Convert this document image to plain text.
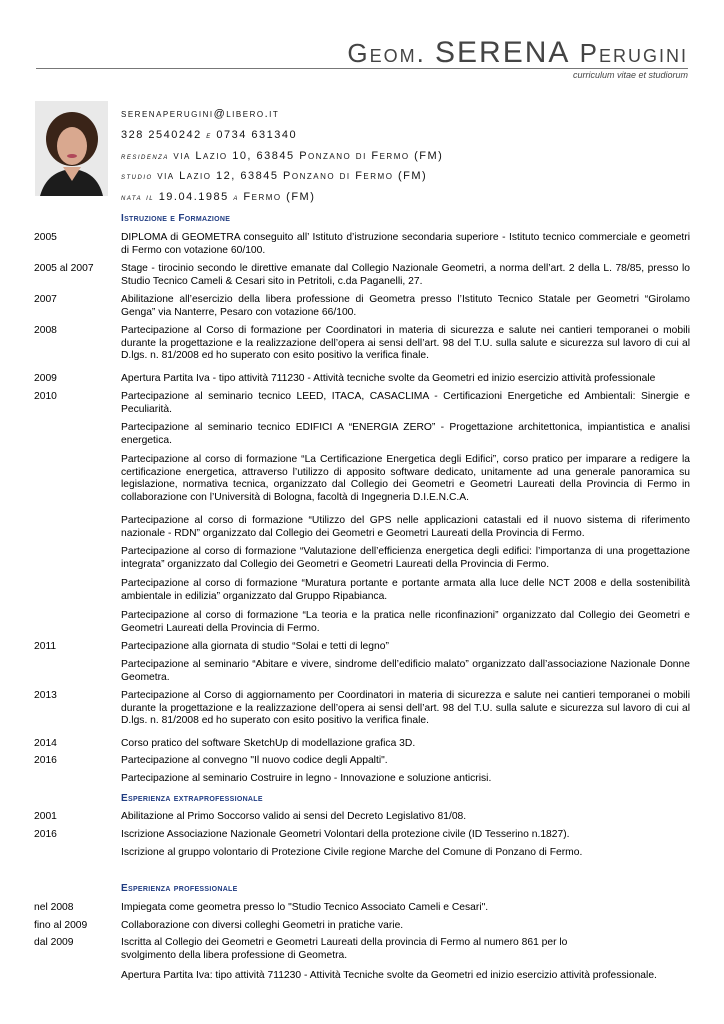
Geom. SERENA Perugini
curriculum vitae et studiorum
serenaperugini@libero.it
328 2540242 e 0734 631340
residenza via Lazio 10, 63845 Ponzano di Fermo (FM)
studio via Lazio 12, 63845 Ponzano di Fermo (FM)
nata il 19.04.1985 a Fermo (FM)
Istruzione e Formazione
2005	DIPLOMA di GEOMETRA conseguito all’ Istituto d’istruzione secondaria superiore - Istituto tecnico commerciale e geometri di Fermo con votazione 60/100.
2005 al 2007	Stage - tirocinio secondo le direttive emanate dal Collegio Nazionale Geometri, a norma dell’art. 2 della L. 78/85, presso lo Studio Tecnico Cameli & Cesari sito in Petritoli, c.da Paganelli, 27.
2007	Abilitazione all’esercizio della libera professione di Geometra presso l’Istituto Tecnico Statale per Geometri “Girolamo Genga” via Nanterre, Pesaro con votazione 66/100.
2008	Partecipazione al Corso di formazione per Coordinatori in materia di sicurezza e salute nei cantieri temporanei o mobili durante la progettazione e la realizzazione dell’opera ai sensi dell’art. 98 del T.U. sulla salute e sicurezza sul lavoro di cui al D.lgs. n. 81/2008 ed ho superato con esito positivo la verifica finale.
2009	Apertura Partita Iva - tipo attività 711230 - Attività tecniche svolte da Geometri ed inizio esercizio attività professionale
2010	Partecipazione al seminario tecnico LEED, ITACA, CASACLIMA - Certificazioni Energetiche ed Ambientali: Sinergie e Peculiarità.
Partecipazione al seminario tecnico EDIFICI A “ENERGIA ZERO” - Progettazione architettonica, impiantistica e analisi energetica.
Partecipazione al corso di formazione “La Certificazione Energetica degli Edifici”, corso pratico per imparare a redigere la certificazione energetica, attraverso l’utilizzo di apposito software dedicato, unitamente ad una generale panoramica su legislazione, normativa tecnica, organizzato dal Collegio dei Geometri e Geometri Laureati della Provincia di Fermo in collaborazione con l’Università di Bologna, facoltà di Ingegneria D.I.E.N.C.A.
Partecipazione al corso di formazione “Utilizzo del GPS nelle applicazioni catastali ed il nuovo sistema di riferimento nazionale - RDN” organizzato dal Collegio dei Geometri e Geometri Laureati della Provincia di Fermo.
Partecipazione al corso di formazione “Valutazione dell’efficienza energetica degli edifici: l’importanza di una progettazione integrata” organizzato dal Collegio dei Geometri e Geometri Laureati della Provincia di Fermo.
Partecipazione al corso di formazione “Muratura portante e portante armata alla luce delle NCT 2008 e della sostenibilità ambientale in edilizia” organizzato dal Gruppo Ripabianca.
Partecipazione al corso di formazione “La teoria e la pratica nelle riconfinazioni” organizzato dal Collegio dei Geometri e Geometri Laureati della Provincia di Fermo.
2011	Partecipazione alla giornata di studio “Solai e tetti di legno”
Partecipazione al seminario “Abitare e vivere, sindrome dell’edificio malato” organizzato dall’associazione Nazionale Donne Geometra.
2013	Partecipazione al Corso di aggiornamento per Coordinatori in materia di sicurezza e salute nei cantieri temporanei o mobili durante la progettazione e la realizzazione dell’opera ai sensi dell’art. 98 del T.U. sulla salute e sicurezza sul lavoro di cui al D.lgs. n. 81/2008 ed ho superato con esito positivo la verifica finale.
2014	Corso pratico del software SketchUp di modellazione grafica 3D.
2016	Partecipazione al convegno "Il nuovo codice degli Appalti".
Partecipazione al seminario Costruire in legno - Innovazione e soluzione anticrisi.
Esperienza extraprofessionale
2001	Abilitazione al Primo Soccorso valido ai sensi del Decreto Legislativo 81/08.
2016	Iscrizione Associazione Nazionale Geometri Volontari della protezione civile (ID Tesserino n.1827).
Iscrizione al gruppo volontario di Protezione Civile regione Marche del Comune di Ponzano di Fermo.
Esperienza professionale
nel 2008	Impiegata come geometra presso lo "Studio Tecnico Associato Cameli e Cesari".
fino al 2009	Collaborazione con diversi colleghi Geometri in pratiche varie.
dal 2009	Iscritta al Collegio dei Geometri e Geometri Laureati della provincia di Fermo al numero 861 per lo svolgimento della libera professione di Geometra.
Apertura Partita Iva: tipo attività 711230 - Attività Tecniche svolte da Geometri ed inizio esercizio attività professionale.
